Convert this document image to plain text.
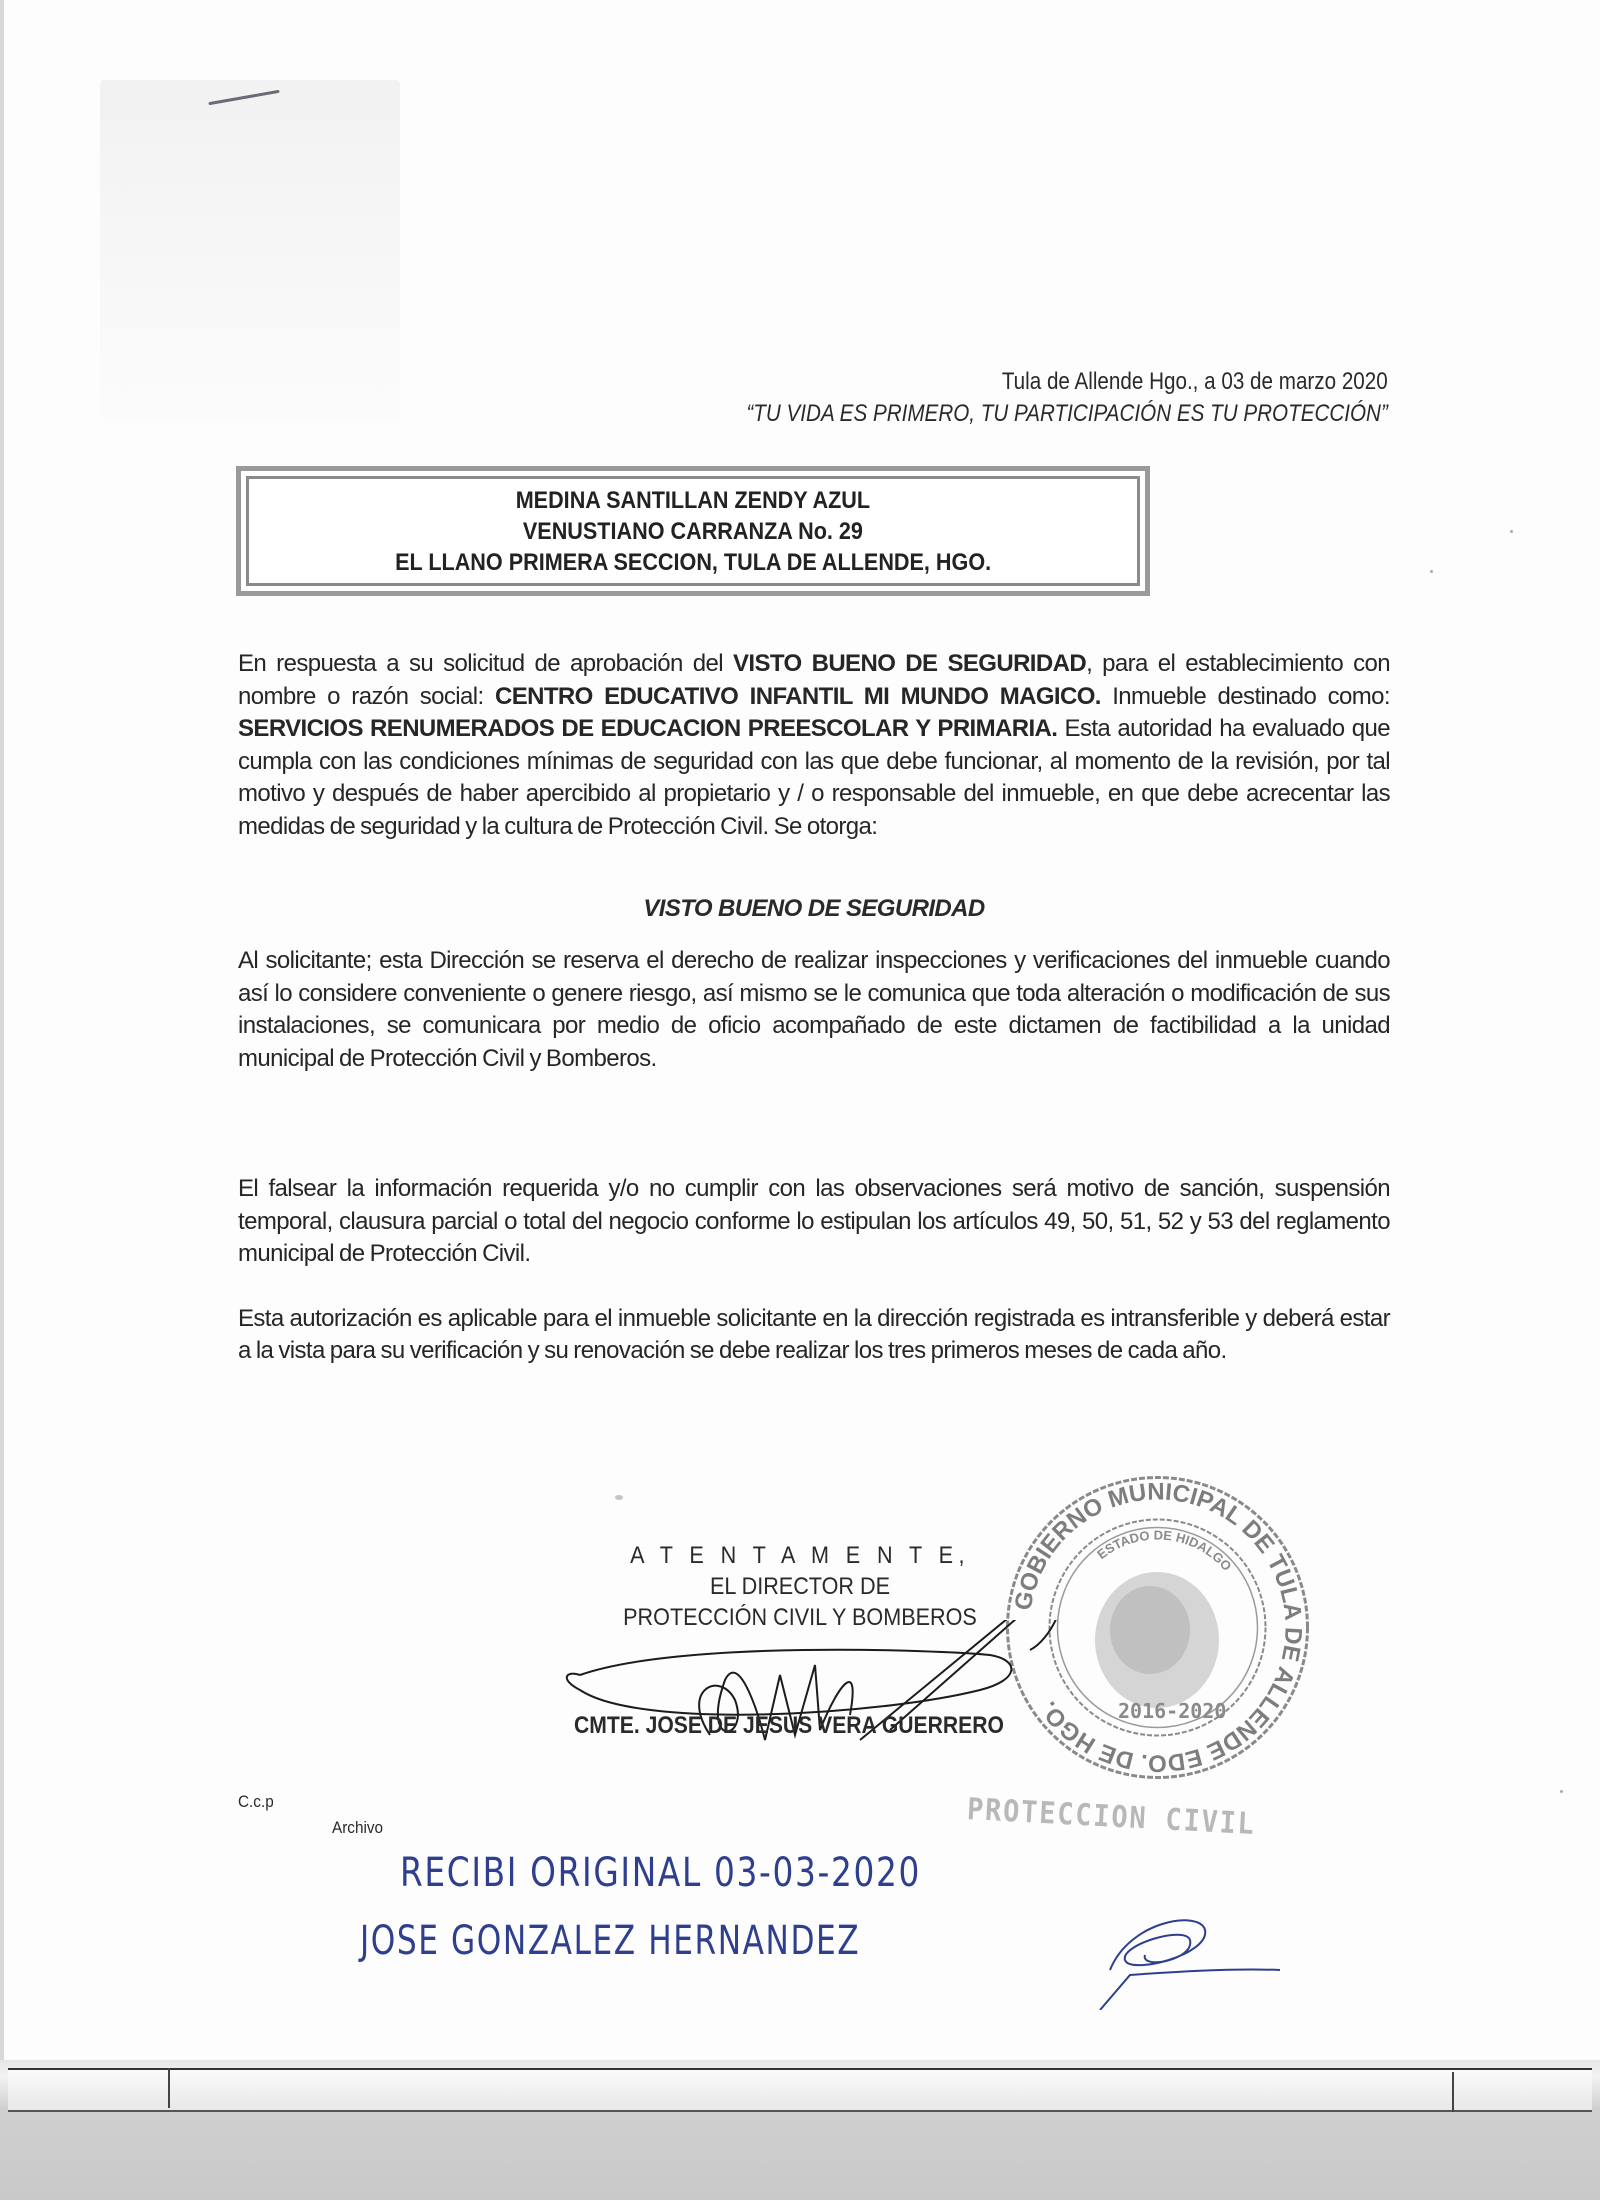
Tula de Allende Hgo., a 03 de marzo 2020
“TU VIDA ES PRIMERO, TU PARTICIPACIÓN ES TU PROTECCIÓN”
MEDINA SANTILLAN ZENDY AZUL
VENUSTIANO CARRANZA No. 29
EL LLANO PRIMERA SECCION, TULA DE ALLENDE, HGO.

En respuesta a su solicitud de aprobación del VISTO BUENO DE SEGURIDAD, para el establecimiento con nombre o razón social: CENTRO EDUCATIVO INFANTIL MI MUNDO MAGICO. Inmueble destinado como: SERVICIOS RENUMERADOS DE EDUCACION PREESCOLAR Y PRIMARIA. Esta autoridad ha evaluado que cumpla con las condiciones mínimas de seguridad con las que debe funcionar, al momento de la revisión, por tal motivo y después de haber apercibido al propietario y / o responsable del inmueble, en que debe acrecentar las medidas de seguridad y la cultura de Protección Civil. Se otorga:

VISTO BUENO DE SEGURIDAD

Al solicitante; esta Dirección se reserva el derecho de realizar inspecciones y verificaciones del inmueble cuando así lo considere conveniente o genere riesgo, así mismo se le comunica que toda alteración o modificación de sus instalaciones, se comunicara por medio de oficio acompañado de este dictamen de factibilidad a la unidad municipal de Protección Civil y Bomberos.

El falsear la información requerida y/o no cumplir con las observaciones será motivo de sanción, suspensión temporal, clausura parcial o total del negocio conforme lo estipulan los artículos 49, 50, 51, 52 y 53 del reglamento municipal de Protección Civil.

Esta autorización es aplicable para el inmueble solicitante en la dirección registrada es intransferible y deberá estar a la vista para su verificación y su renovación se debe realizar los tres primeros meses de cada año.

GOBIERNO MUNICIPAL DE TULA DE ALLENDE EDO. DE HGO.
ESTADO DE HIDALGO
2016-2020
PROTECCION CIVIL
A T E N T A M E N T E,
EL DIRECTOR DE
PROTECCIÓN CIVIL Y BOMBEROS
CMTE. JOSE DE JESUS VERA GUERRERO
C.c.p
Archivo
RECIBI ORIGINAL 03-03-2020
JOSE GONZALEZ HERNANDEZ
